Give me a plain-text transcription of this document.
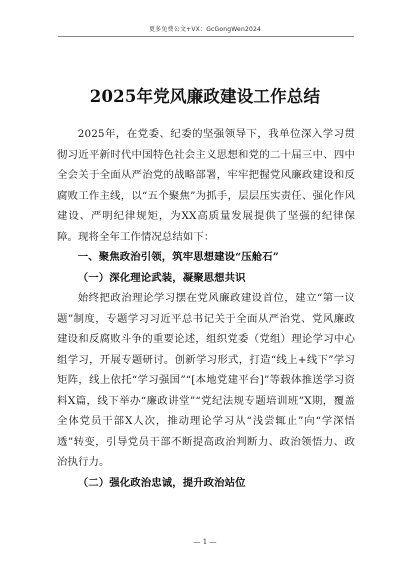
更多免费公文+VX：GcGongWen2024
2025年党风廉政建设工作总结

2025年，在党委、纪委的坚强领导下，我单位深入学习贯彻习近平新时代中国特色社会主义思想和党的二十届三中、四中全会关于全面从严治党的战略部署，牢牢把握党风廉政建设和反腐败工作主线，以“五个聚焦”为抓手，层层压实责任、强化作风建设、严明纪律规矩，为XX高质量发展提供了坚强的纪律保障。现将全年工作情况总结如下：

一、聚焦政治引领，筑牢思想建设“压舱石”

（一）深化理论武装，凝聚思想共识

始终把政治理论学习摆在党风廉政建设首位，建立“第一议题”制度，专题学习习近平总书记关于全面从严治党、党风廉政建设和反腐败斗争的重要论述，组织党委（党组）理论学习中心组学习，开展专题研讨。创新学习形式，打造“线上+线下”学习矩阵，线上依托“学习强国”“[本地党建平台]”等载体推送学习资料X篇，线下举办“廉政讲堂”“党纪法规专题培训班”X期，覆盖全体党员干部X人次，推动理论学习从“浅尝辄止”向“学深悟透”转变，引导党员干部不断提高政治判断力、政治领悟力、政治执行力。

（二）强化政治忠诚，提升政治站位

— 1 —
